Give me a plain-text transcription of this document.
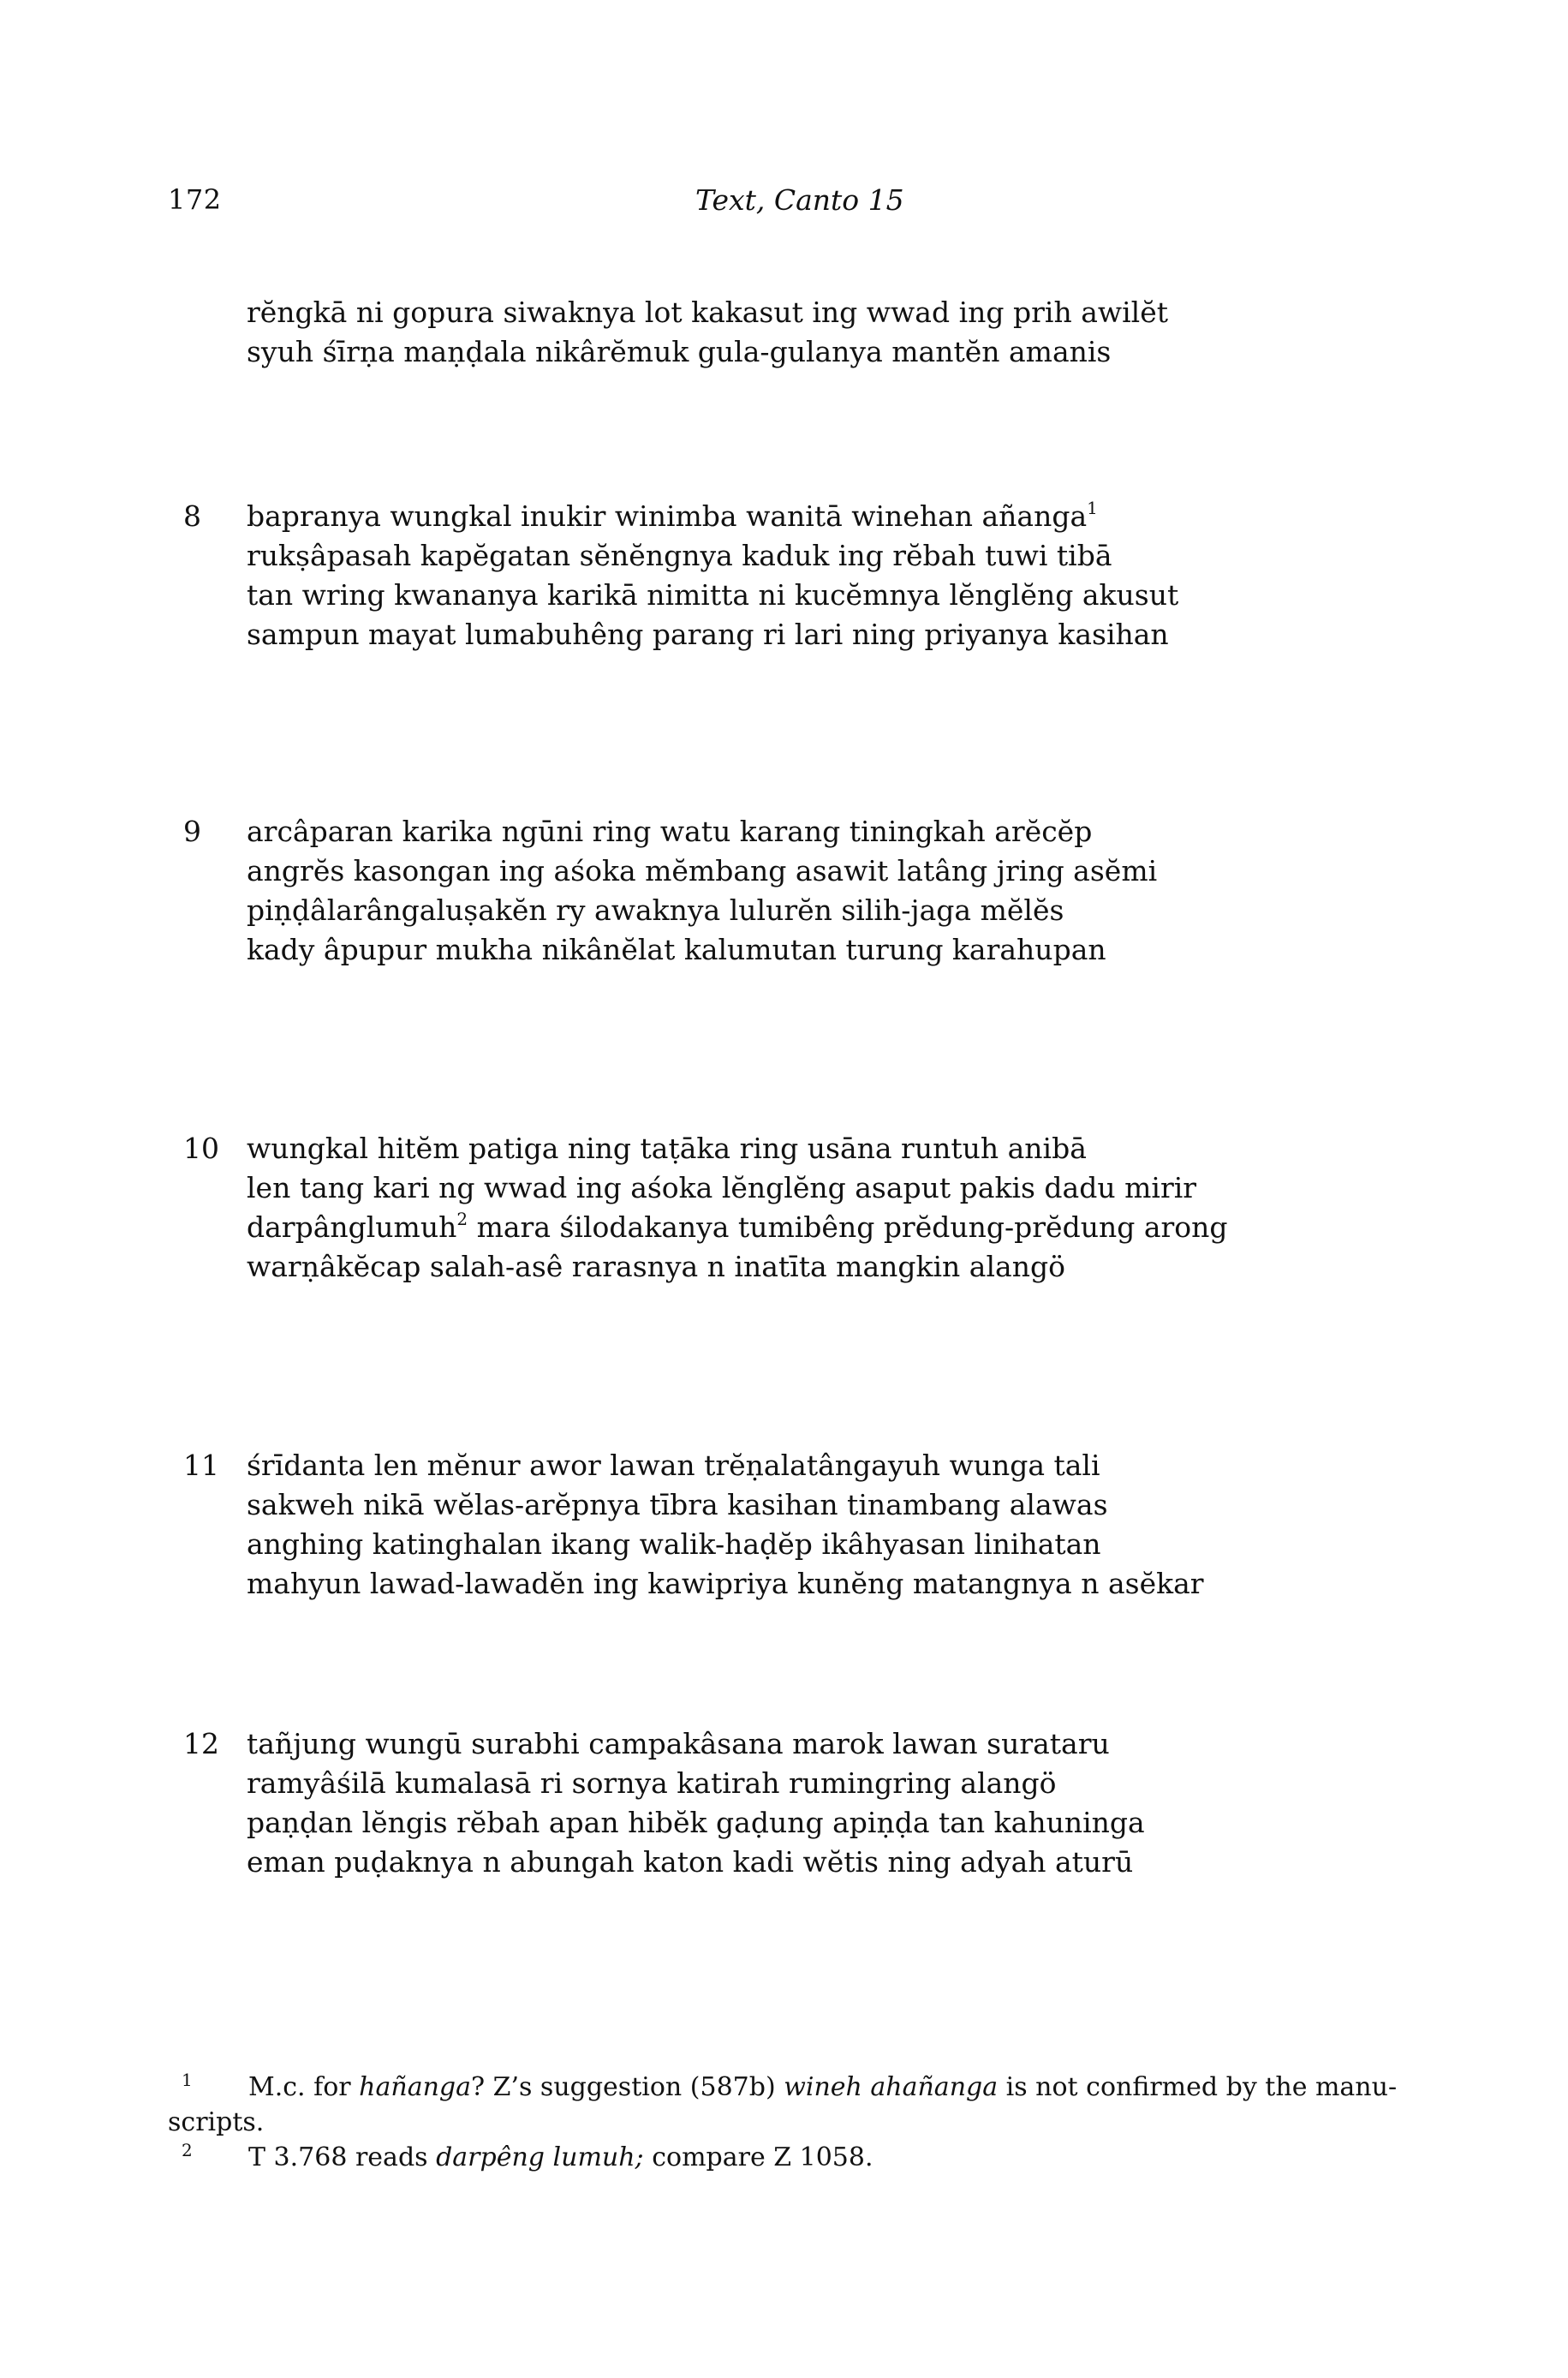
172	Text, Canto 15
rĕngkā ni gopura siwaknya lot kakasut ing wwad ing prih awilĕt
syuh śīrṇa maṇḍala nikârĕmuk gula-gulanya mantĕn amanis
8 bapranya wungkal inukir winimba wanitā winehan añanga$^1$
rukṣâpasah kapĕgatan sĕnĕngnya kaduk ing rĕbah tuwi tibā
tan wring kwananya karikā nimitta ni kucĕmnya lĕnglĕng akusut
sampun mayat lumabuhêng parang ri lari ning priyanya kasihan
9 arcâparan karika ngūni ring watu karang tiningkah arĕcĕp
angrĕs kasongan ing aśoka mĕmbang asawit latâng jring asĕmi
piṇḍâlarângaluṣakĕn ry awaknya lulurĕn silih-jaga mĕlĕs
kady âpupur mukha nikânĕlat kalumutan turung karahupan
10 wungkal hitĕm patiga ning taṭāka ring usāna runtuh anibā
len tang kari ng wwad ing aśoka lĕnglĕng asaput pakis dadu mirir
darpânglumuh$^2$ mara śilodakanya tumibêng prĕdung-prĕdung arong
warṇâkĕcap salah-asê rarasnya n inatīta mangkin alangö
11 śrīdanta len mĕnur awor lawan trĕṇalatângayuh wunga tali
sakweh nikā wĕlas-arĕpnya tībra kasihan tinambang alawas
anghing katinghalan ikang walik-haḍĕp ikâhyasan linihatan
mahyun lawad-lawadĕn ing kawipriya kunĕng matangnya n asĕkar
12 tañjung wungū surabhi campakâsana marok lawan surataru
ramyâśilā kumalasā ri sornya katirah rumingring alangö
paṇḍan lĕngis rĕbah apan hibĕk gaḍung apiṇḍa tan kahuninga
eman puḍaknya n abungah katon kadi wĕtis ning adyah aturū
1	M.c. for hañanga? Z’s suggestion (587b) wineh ahañanga is not confirmed by the manu-
scripts.
2	T 3.768 reads darpêng lumuh; compare Z 1058.
